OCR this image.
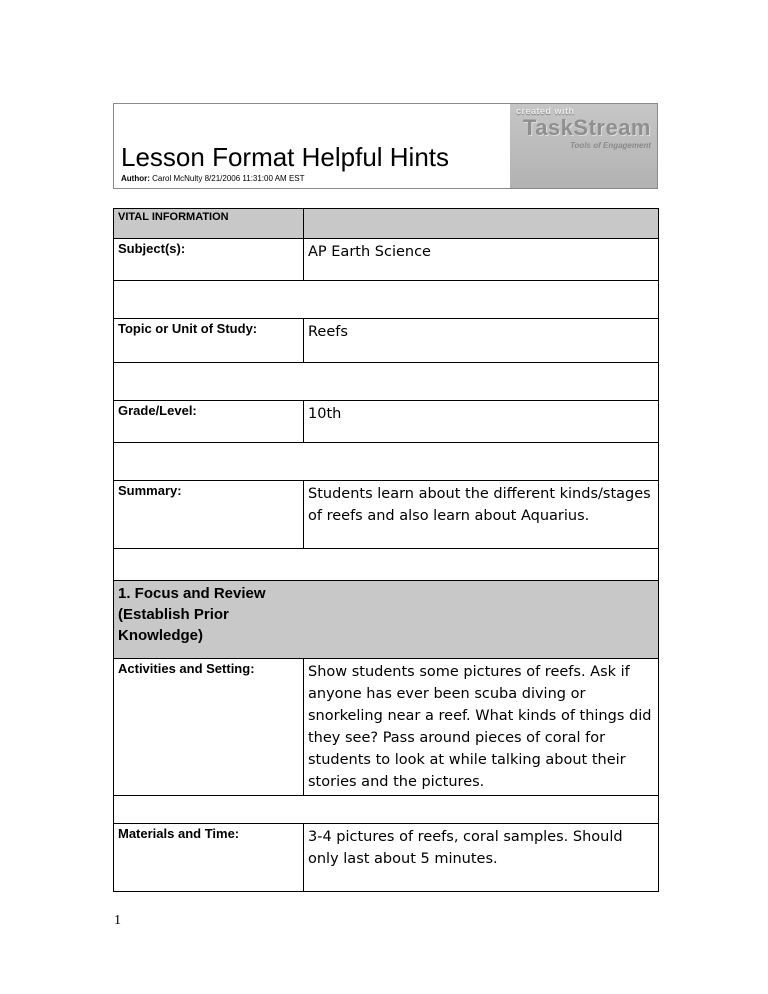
Lesson Format Helpful Hints
Author: Carol McNulty 8/21/2006 11:31:00 AM EST
created with
TaskStream
Tools of Engagement
VITAL INFORMATION	
Subject(s):	AP Earth Science

Topic or Unit of Study:	Reefs

Grade/Level:	10th

Summary:	Students learn about the different kinds/stages of reefs and also learn about Aquarius.

1. Focus and Review (Establish Prior Knowledge)	

Activities and Setting:	Show students some pictures of reefs. Ask if anyone has ever been scuba diving or snorkeling near a reef. What kinds of things did they see? Pass around pieces of coral for students to look at while talking about their stories and the pictures.

Materials and Time:	3-4 pictures of reefs, coral samples. Should only last about 5 minutes.
1
